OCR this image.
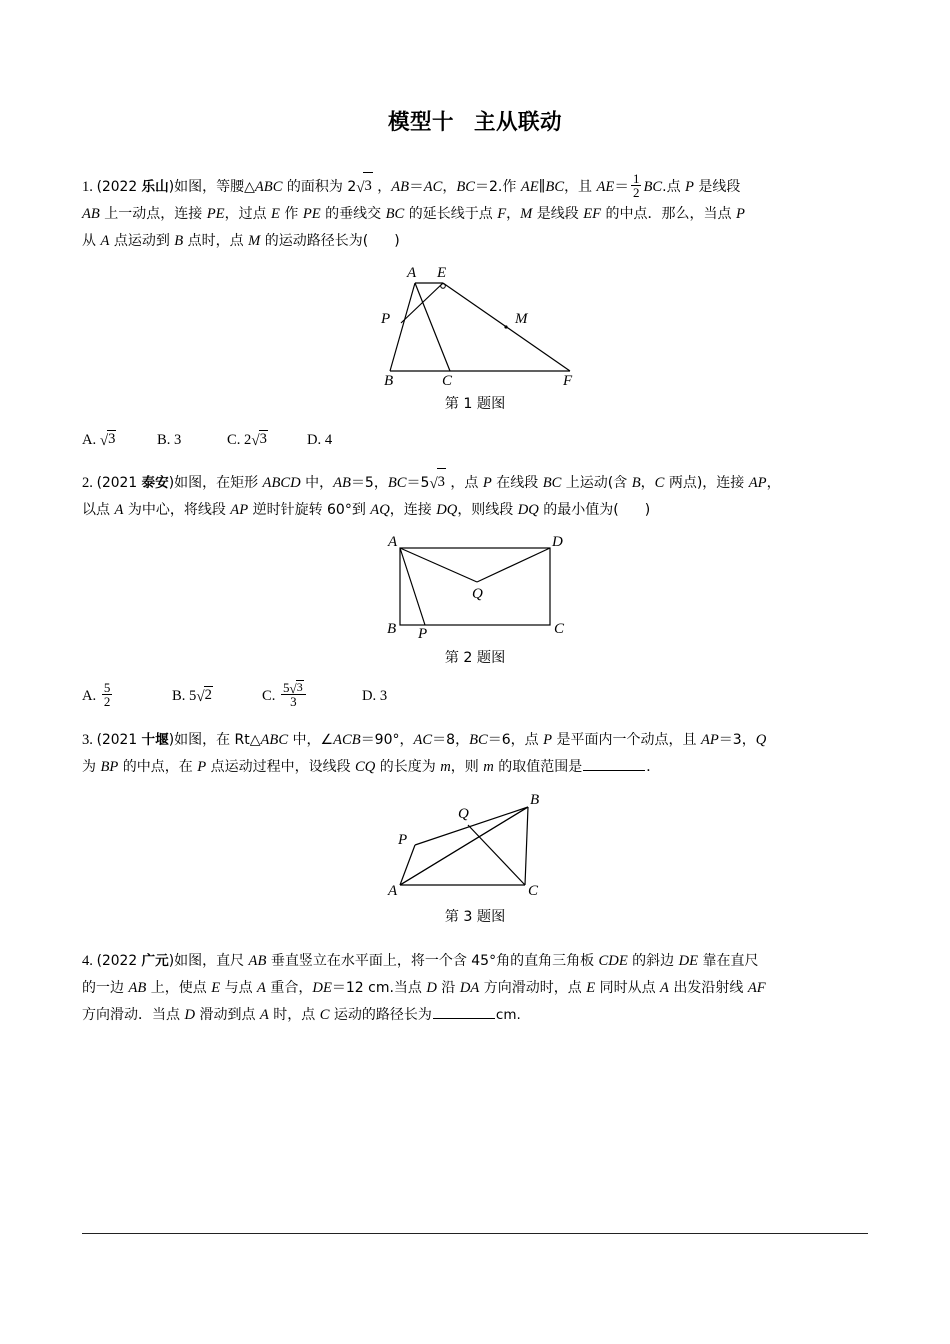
模型十 主从联动
1. (2022 乐山)如图，等腰△ABC 的面积为 2√3 ，AB＝AC，BC＝2.作 AE∥BC，且 $AE= \frac{1}{2}$ BC.点 P 是线段
AB 上一动点，连接 PE，过点 E 作 PE 的垂线交 BC 的延长线于点 F，M 是线段 EF 的中点．那么，当点 P
从 A 点运动到 B 点时，点 M 的运动路径长为( )
A E
P	M
B	C	F
第 1 题图
A. √3	B. 3	C. 2√3	D. 4
2. (2021 泰安)如图，在矩形 ABCD 中，AB＝5，BC＝5√3 ，点 P 在线段 BC 上运动(含 B，C 两点)，连接 AP，
以点 A 为中心，将线段 AP 逆时针旋转 60°到 AQ，连接 DQ，则线段 DQ 的最小值为( )
A	D
Q
B P	C
第 2 题图
A. $\frac{5}{2}$	B. 5√2	C. $\frac{5√3}{3}$	D. 3
3. (2021 十堰)如图，在 Rt△ABC 中，∠ACB＝90°，AC＝8，BC＝6，点 P 是平面内一个动点，且 AP＝3，Q
为 BP 的中点，在 P 点运动过程中，设线段 CQ 的长度为 m，则 m 的取值范围是	．
Q
B
P
A	C
第 3 题图
4. (2022 广元)如图，直尺 AB 垂直竖立在水平面上，将一个含 45°角的直角三角板 CDE 的斜边 DE 靠在直尺
的一边 AB 上，使点 E 与点 A 重合，DE＝12 cm.当点 D 沿 DA 方向滑动时，点 E 同时从点 A 出发沿射线 AF
方向滑动．当点 D 滑动到点 A 时，点 C 运动的路径长为	cm.
